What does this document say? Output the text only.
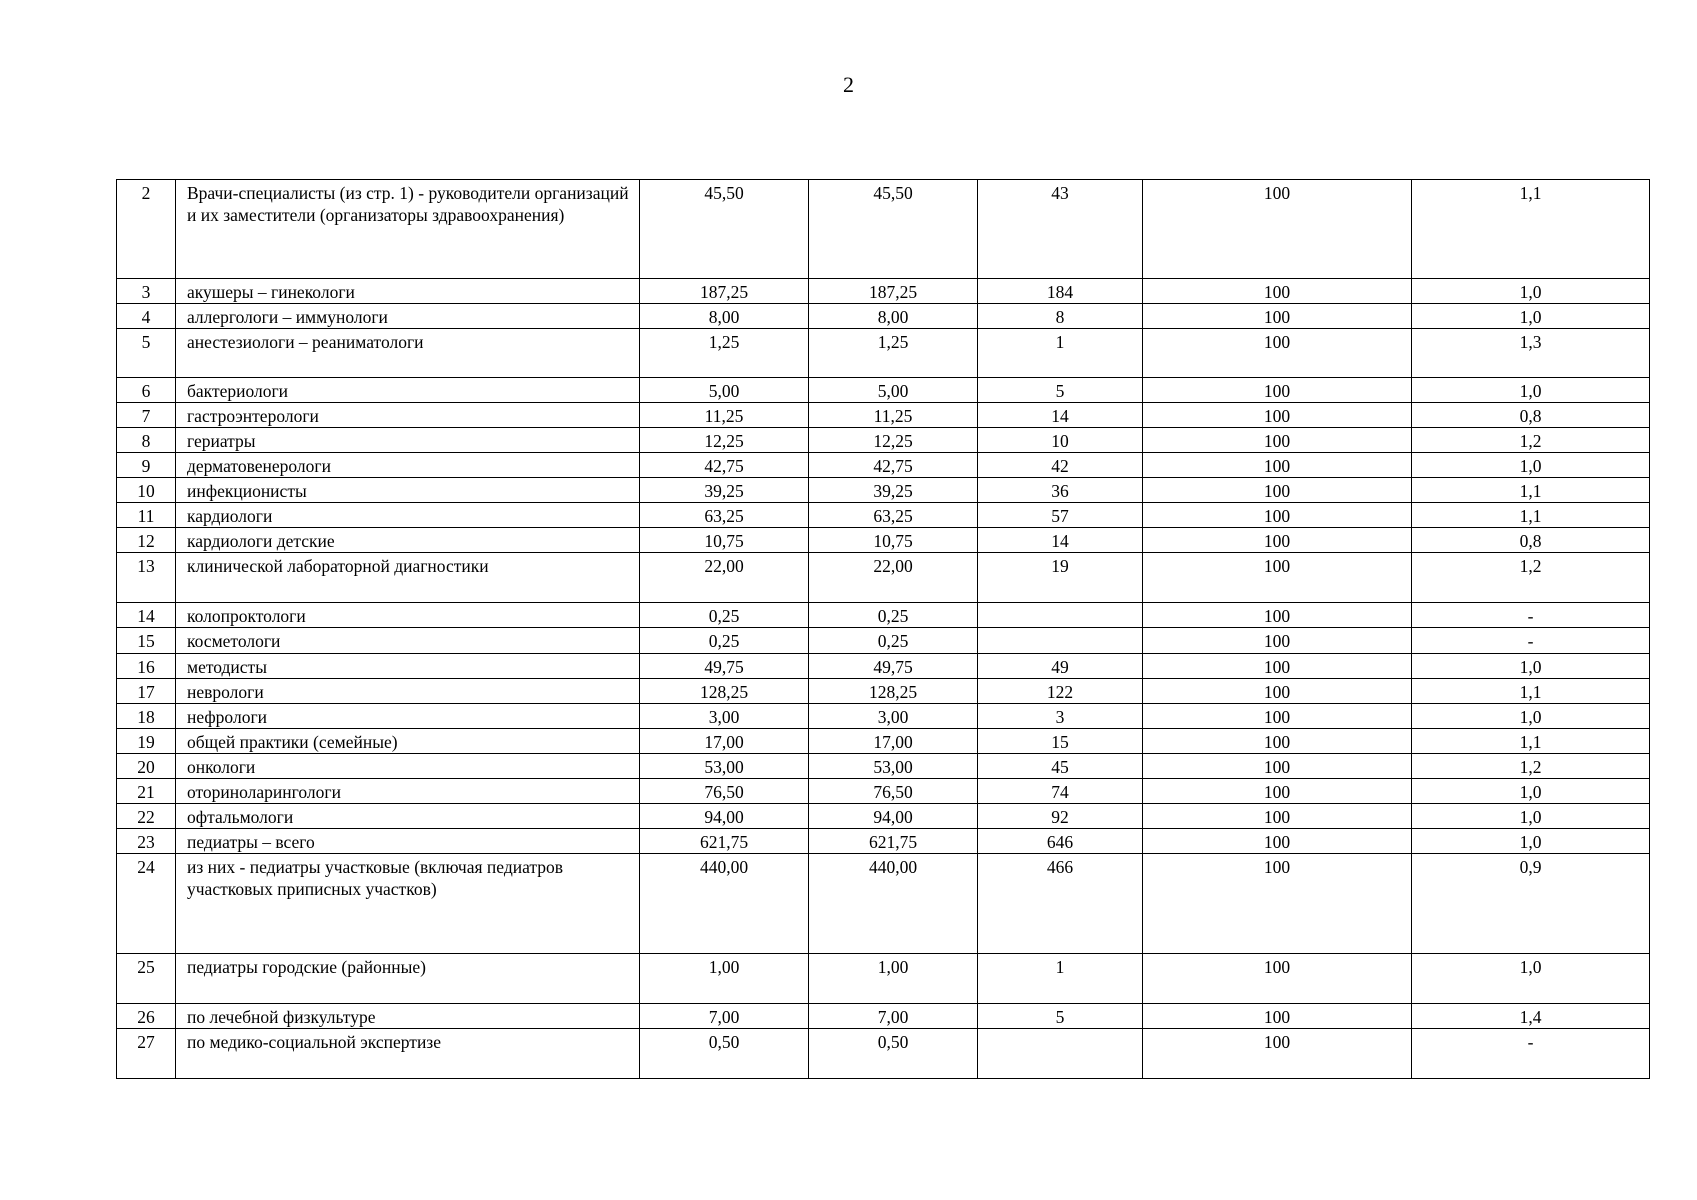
2
2	Врачи-специалисты (из стр. 1) - руководители организаций и их заместители (организаторы здравоохранения)	45,50	45,50	43	100	1,1
3	акушеры – гинекологи	187,25	187,25	184	100	1,0
4	аллергологи – иммунологи	8,00	8,00	8	100	1,0
5	анестезиологи – реаниматологи	1,25	1,25	1	100	1,3
6	бактериологи	5,00	5,00	5	100	1,0
7	гастроэнтерологи	11,25	11,25	14	100	0,8
8	гериатры	12,25	12,25	10	100	1,2
9	дерматовенерологи	42,75	42,75	42	100	1,0
10	инфекционисты	39,25	39,25	36	100	1,1
11	кардиологи	63,25	63,25	57	100	1,1
12	кардиологи детские	10,75	10,75	14	100	0,8
13	клинической лабораторной диагностики	22,00	22,00	19	100	1,2
14	колопроктологи	0,25	0,25		100	-
15	косметологи	0,25	0,25		100	-
16	методисты	49,75	49,75	49	100	1,0
17	неврологи	128,25	128,25	122	100	1,1
18	нефрологи	3,00	3,00	3	100	1,0
19	общей практики (семейные)	17,00	17,00	15	100	1,1
20	онкологи	53,00	53,00	45	100	1,2
21	оториноларингологи	76,50	76,50	74	100	1,0
22	офтальмологи	94,00	94,00	92	100	1,0
23	педиатры – всего	621,75	621,75	646	100	1,0
24	из них - педиатры участковые (включая педиатров участковых приписных участков)	440,00	440,00	466	100	0,9
25	педиатры городские (районные)	1,00	1,00	1	100	1,0
26	по лечебной физкультуре	7,00	7,00	5	100	1,4
27	по медико-социальной экспертизе	0,50	0,50		100	-
